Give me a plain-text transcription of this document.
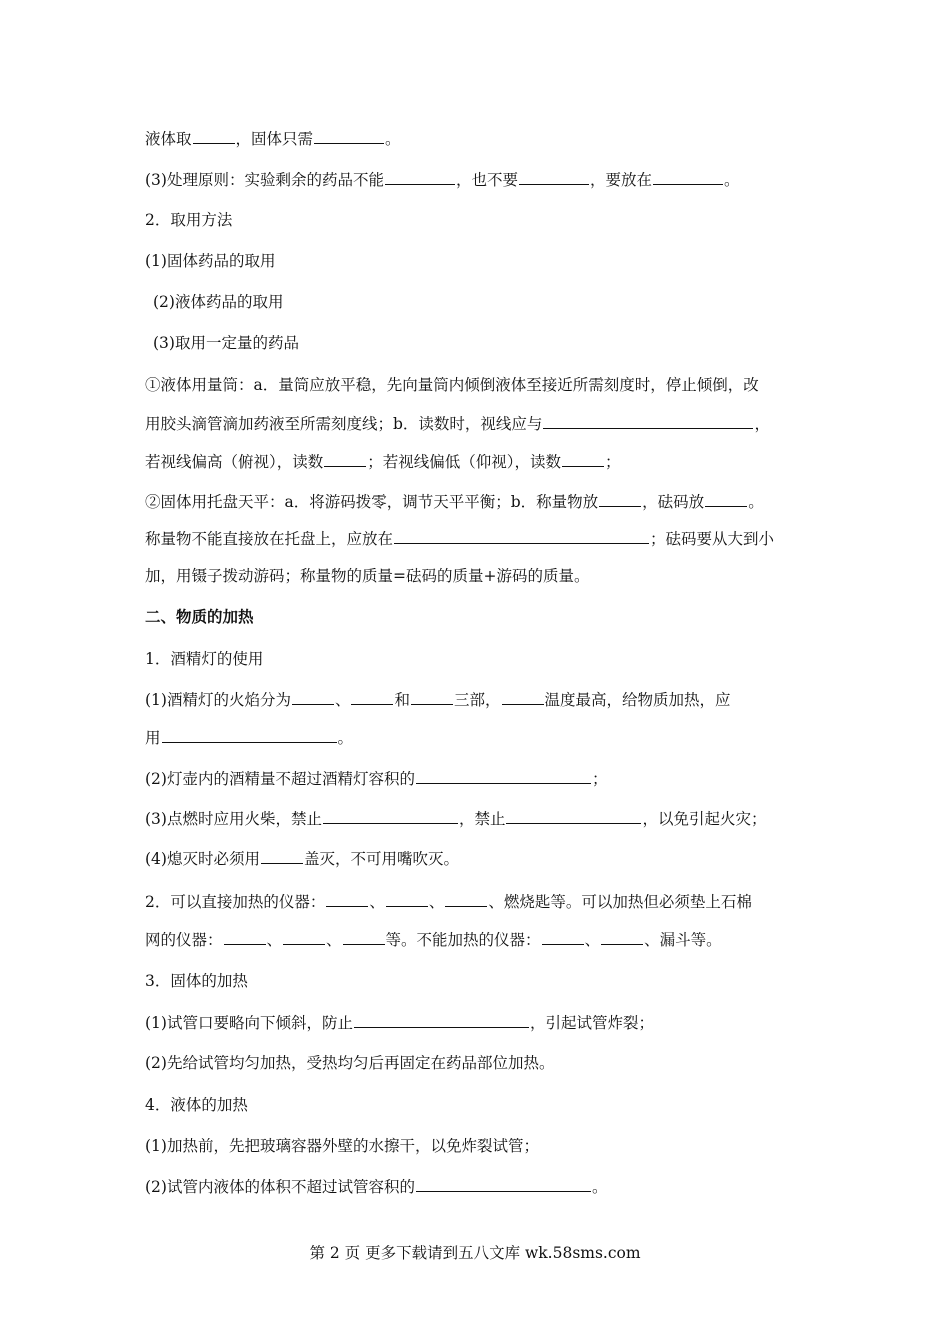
液体取	，固体只需	。
(3)处理原则：实验剩余的药品不能	，也不要	，要放在	。
2．取用方法
(1)固体药品的取用
(2)液体药品的取用
(3)取用一定量的药品
①液体用量筒：a．量筒应放平稳，先向量筒内倾倒液体至接近所需刻度时，停止倾倒，改
用胶头滴管滴加药液至所需刻度线；b．读数时，视线应与	，
若视线偏高（俯视），读数	；若视线偏低（仰视），读数	；
②固体用托盘天平：a．将游码拨零，调节天平平衡；b．称量物放	，砝码放	。
称量物不能直接放在托盘上，应放在	；砝码要从大到小
加，用镊子拨动游码；称量物的质量=砝码的质量+游码的质量。
二、物质的加热
1．酒精灯的使用
(1)酒精灯的火焰分为	、	和	三部，	温度最高，给物质加热，应
用	。
(2)灯壶内的酒精量不超过酒精灯容积的	；
(3)点燃时应用火柴，禁止	，禁止	，以免引起火灾；
(4)熄灭时必须用	盖灭，不可用嘴吹灭。
2．可以直接加热的仪器：	、	、	、燃烧匙等。可以加热但必须垫上石棉
网的仪器：	、	、	等。不能加热的仪器：	、	、漏斗等。
3．固体的加热
(1)试管口要略向下倾斜，防止	，引起试管炸裂；
(2)先给试管均匀加热，受热均匀后再固定在药品部位加热。
4．液体的加热
(1)加热前，先把玻璃容器外壁的水擦干，以免炸裂试管；
(2)试管内液体的体积不超过试管容积的	。
第 2 页 更多下载请到五八文库 wk.58sms.com
